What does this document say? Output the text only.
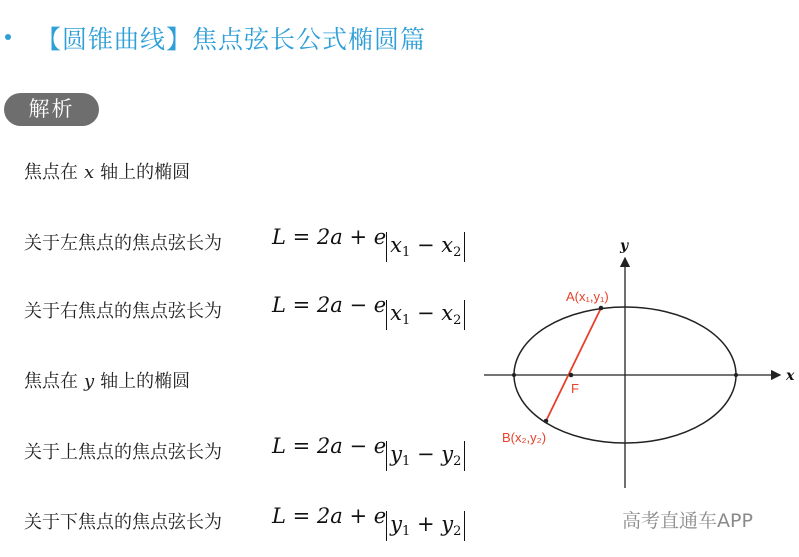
【圆锥曲线】焦点弦长公式椭圆篇
解析
焦点在 x 轴上的椭圆
关于左焦点的焦点弦长为 L = 2a + e $x_1 - x_2$
关于右焦点的焦点弦长为 L = 2a − e $x_1 - x_2$
焦点在 y 轴上的椭圆
关于上焦点的焦点弦长为 L = 2a − e $y_1 - y_2$
关于下焦点的焦点弦长为 L = 2a + e $y_1 + y_2$
x
y
A(x₁,y₁)
B(x₂,y₂)
F
高考直通车APP
